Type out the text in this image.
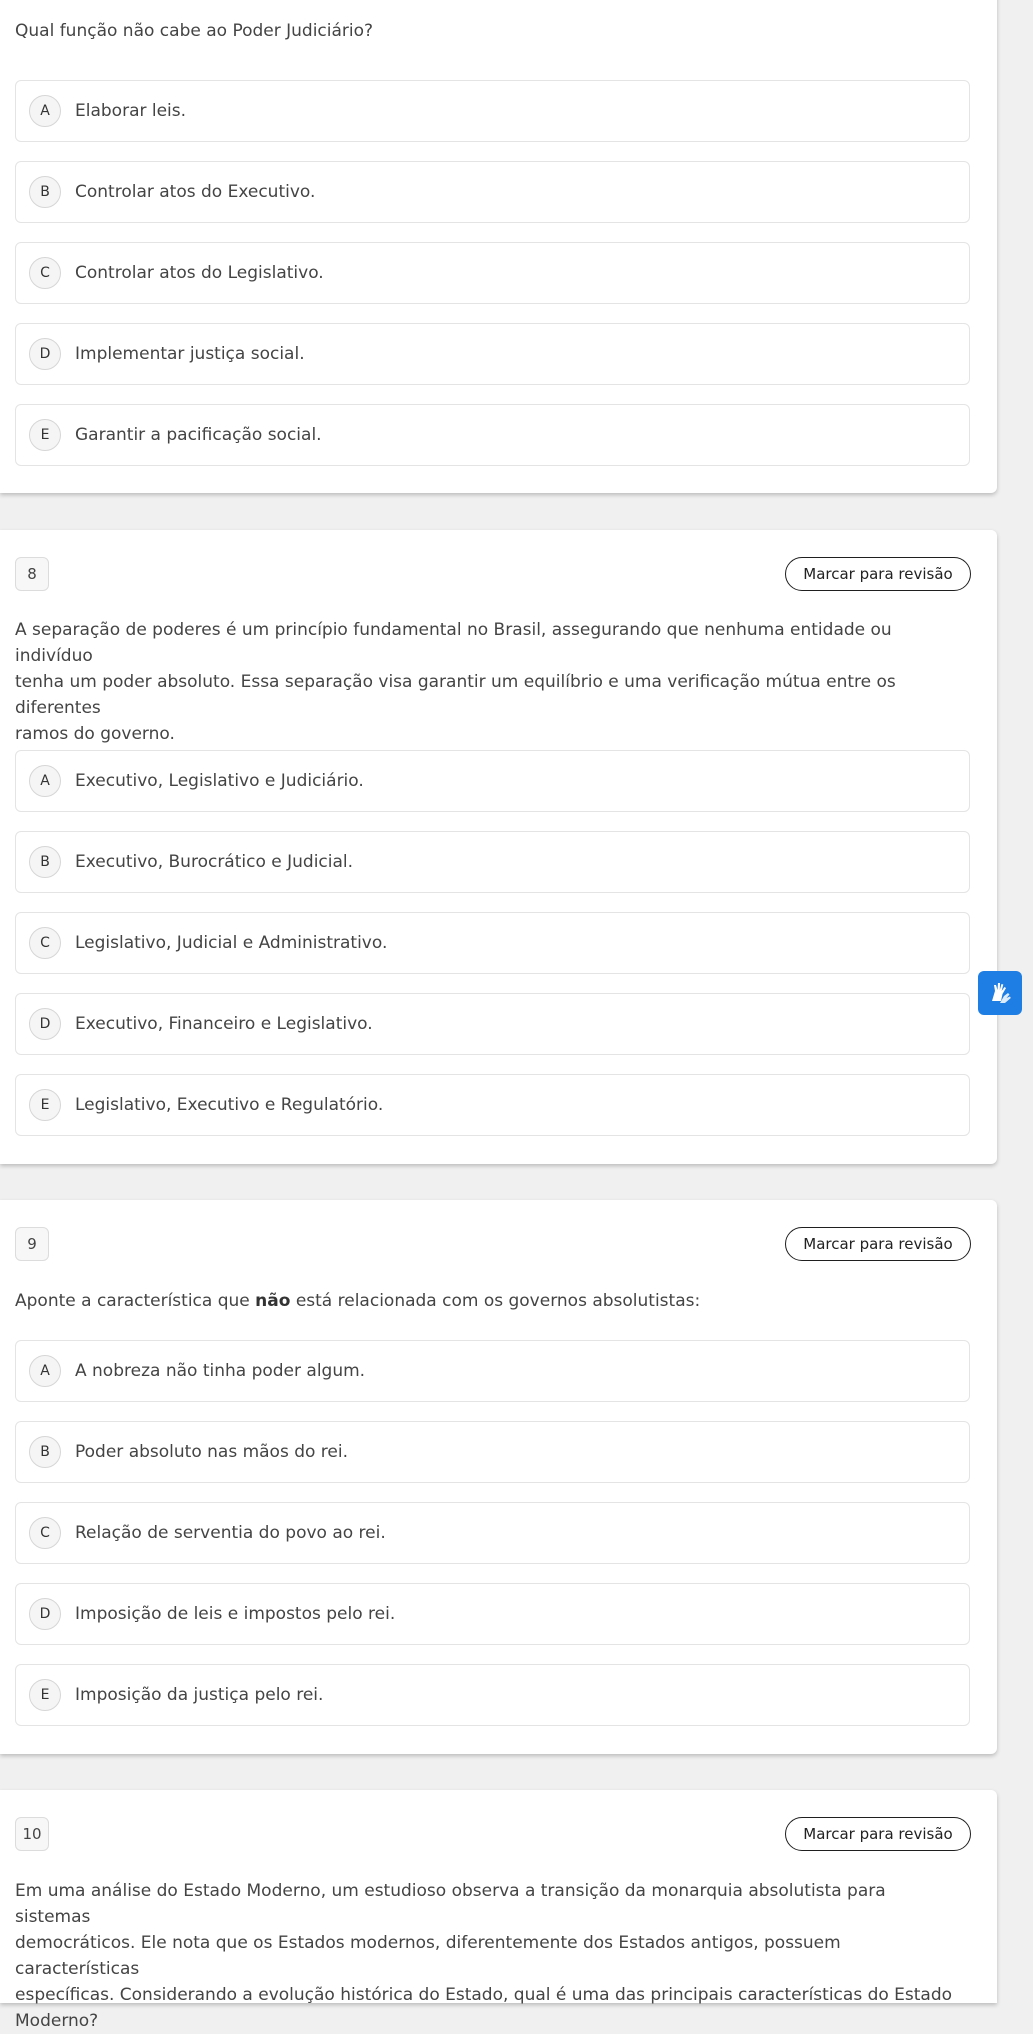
Qual função não cabe ao Poder Judiciário?

A	Elaborar leis.
B	Controlar atos do Executivo.
C	Controlar atos do Legislativo.
D	Implementar justiça social.
E	Garantir a pacificação social.
8	Marcar para revisão

A separação de poderes é um princípio fundamental no Brasil, assegurando que nenhuma entidade ou indivíduo
tenha um poder absoluto. Essa separação visa garantir um equilíbrio e uma verificação mútua entre os diferentes
ramos do governo.

A	Executivo, Legislativo e Judiciário.
B	Executivo, Burocrático e Judicial.
C	Legislativo, Judicial e Administrativo.
D	Executivo, Financeiro e Legislativo.
E	Legislativo, Executivo e Regulatório.
9	Marcar para revisão

Aponte a característica que não está relacionada com os governos absolutistas:

A	A nobreza não tinha poder algum.
B	Poder absoluto nas mãos do rei.
C	Relação de serventia do povo ao rei.
D	Imposição de leis e impostos pelo rei.
E	Imposição da justiça pelo rei.
10	Marcar para revisão

Em uma análise do Estado Moderno, um estudioso observa a transição da monarquia absolutista para sistemas
democráticos. Ele nota que os Estados modernos, diferentemente dos Estados antigos, possuem características
específicas. Considerando a evolução histórica do Estado, qual é uma das principais características do Estado
Moderno?
